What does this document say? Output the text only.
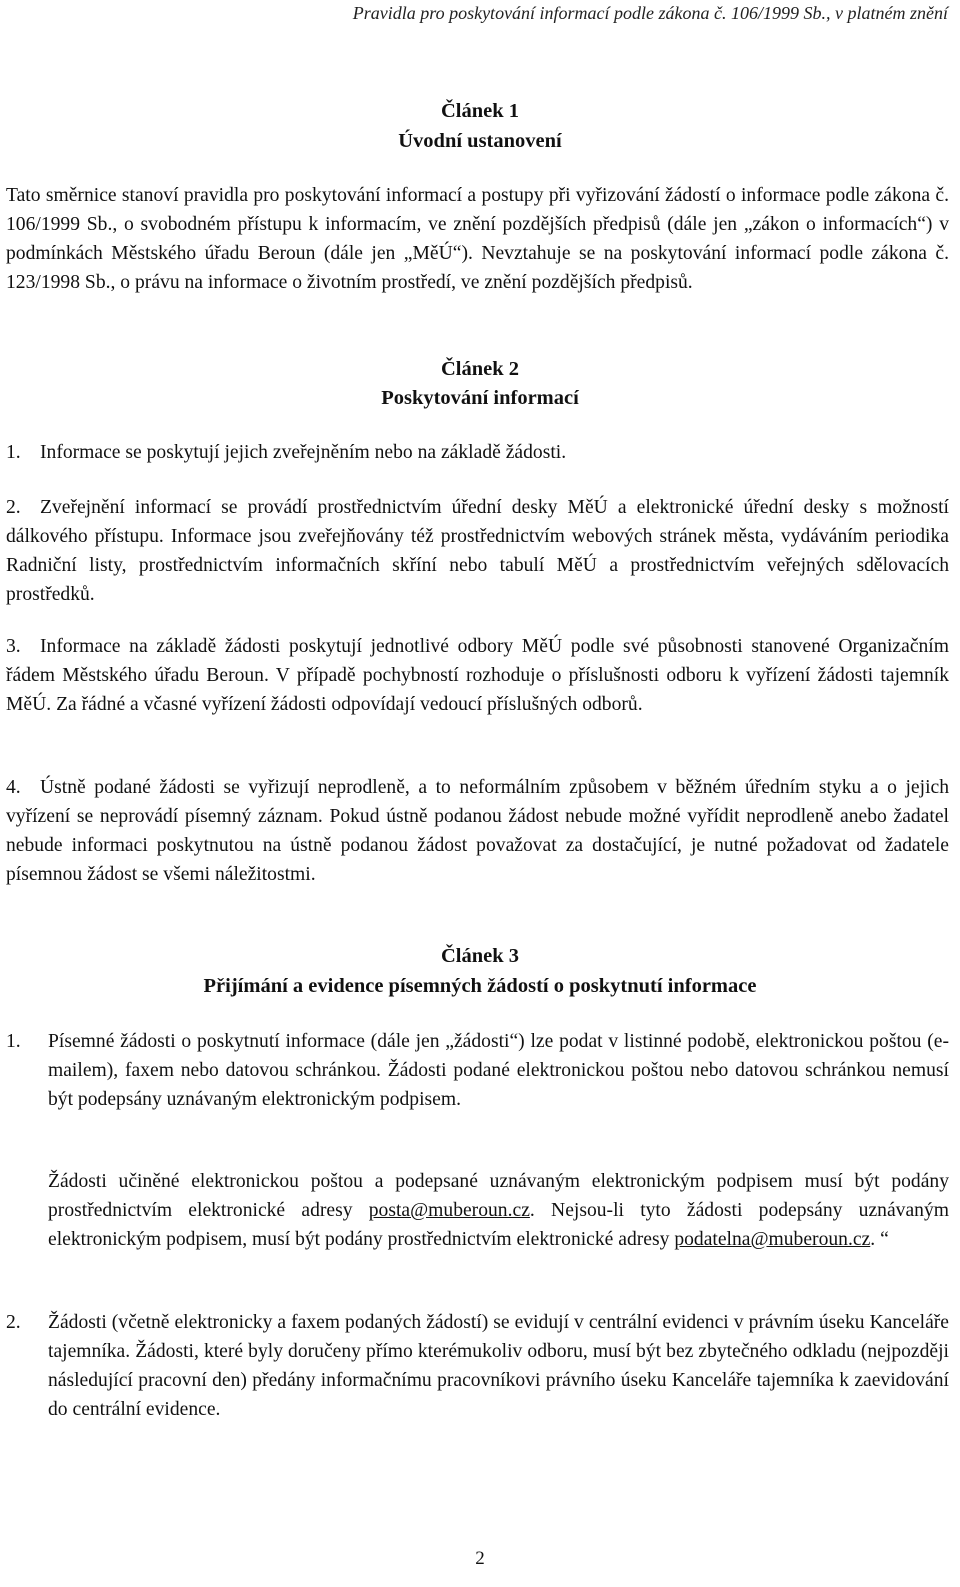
Pravidla pro poskytování informací podle zákona č. 106/1999 Sb., v platném znění
Článek 1
Úvodní ustanovení
Tato směrnice stanoví pravidla pro poskytování informací a postupy při vyřizování žádostí o informace podle zákona č. 106/1999 Sb., o svobodném přístupu k informacím, ve znění pozdějších předpisů (dále jen „zákon o informacích“) v podmínkách Městského úřadu Beroun (dále jen „MěÚ“). Nevztahuje se na poskytování informací podle zákona č. 123/1998 Sb., o právu na informace o životním prostředí, ve znění pozdějších předpisů.
Článek 2
Poskytování informací
1. Informace se poskytují jejich zveřejněním nebo na základě žádosti.
2. Zveřejnění informací se provádí prostřednictvím úřední desky MěÚ a elektronické úřední desky s možností dálkového přístupu. Informace jsou zveřejňovány též prostřednictvím webových stránek města, vydáváním periodika Radniční listy, prostřednictvím informačních skříní nebo tabulí MěÚ a prostřednictvím veřejných sdělovacích prostředků.
3. Informace na základě žádosti poskytují jednotlivé odbory MěÚ podle své působnosti stanovené Organizačním řádem Městského úřadu Beroun. V případě pochybností rozhoduje o příslušnosti odboru k vyřízení žádosti tajemník MěÚ. Za řádné a včasné vyřízení žádosti odpovídají vedoucí příslušných odborů.
4. Ústně podané žádosti se vyřizují neprodleně, a to neformálním způsobem v běžném úředním styku a o jejich vyřízení se neprovádí písemný záznam. Pokud ústně podanou žádost nebude možné vyřídit neprodleně anebo žadatel nebude informaci poskytnutou na ústně podanou žádost považovat za dostačující, je nutné požadovat od žadatele písemnou žádost se všemi náležitostmi.
Článek 3
Přijímání a evidence písemných žádostí o poskytnutí informace
1. Písemné žádosti o poskytnutí informace (dále jen „žádosti“) lze podat v listinné podobě, elektronickou poštou (e-mailem), faxem nebo datovou schránkou. Žádosti podané elektronickou poštou nebo datovou schránkou nemusí být podepsány uznávaným elektronickým podpisem.
Žádosti učiněné elektronickou poštou a podepsané uznávaným elektronickým podpisem musí být podány prostřednictvím elektronické adresy posta@muberoun.cz. Nejsou-li tyto žádosti podepsány uznávaným elektronickým podpisem, musí být podány prostřednictvím elektronické adresy podatelna@muberoun.cz. “
2. Žádosti (včetně elektronicky a faxem podaných žádostí) se evidují v centrální evidenci v právním úseku Kanceláře tajemníka. Žádosti, které byly doručeny přímo kterémukoliv odboru, musí být bez zbytečného odkladu (nejpozději následující pracovní den) předány informačnímu pracovníkovi právního úseku Kanceláře tajemníka k zaevidování do centrální evidence.
2
